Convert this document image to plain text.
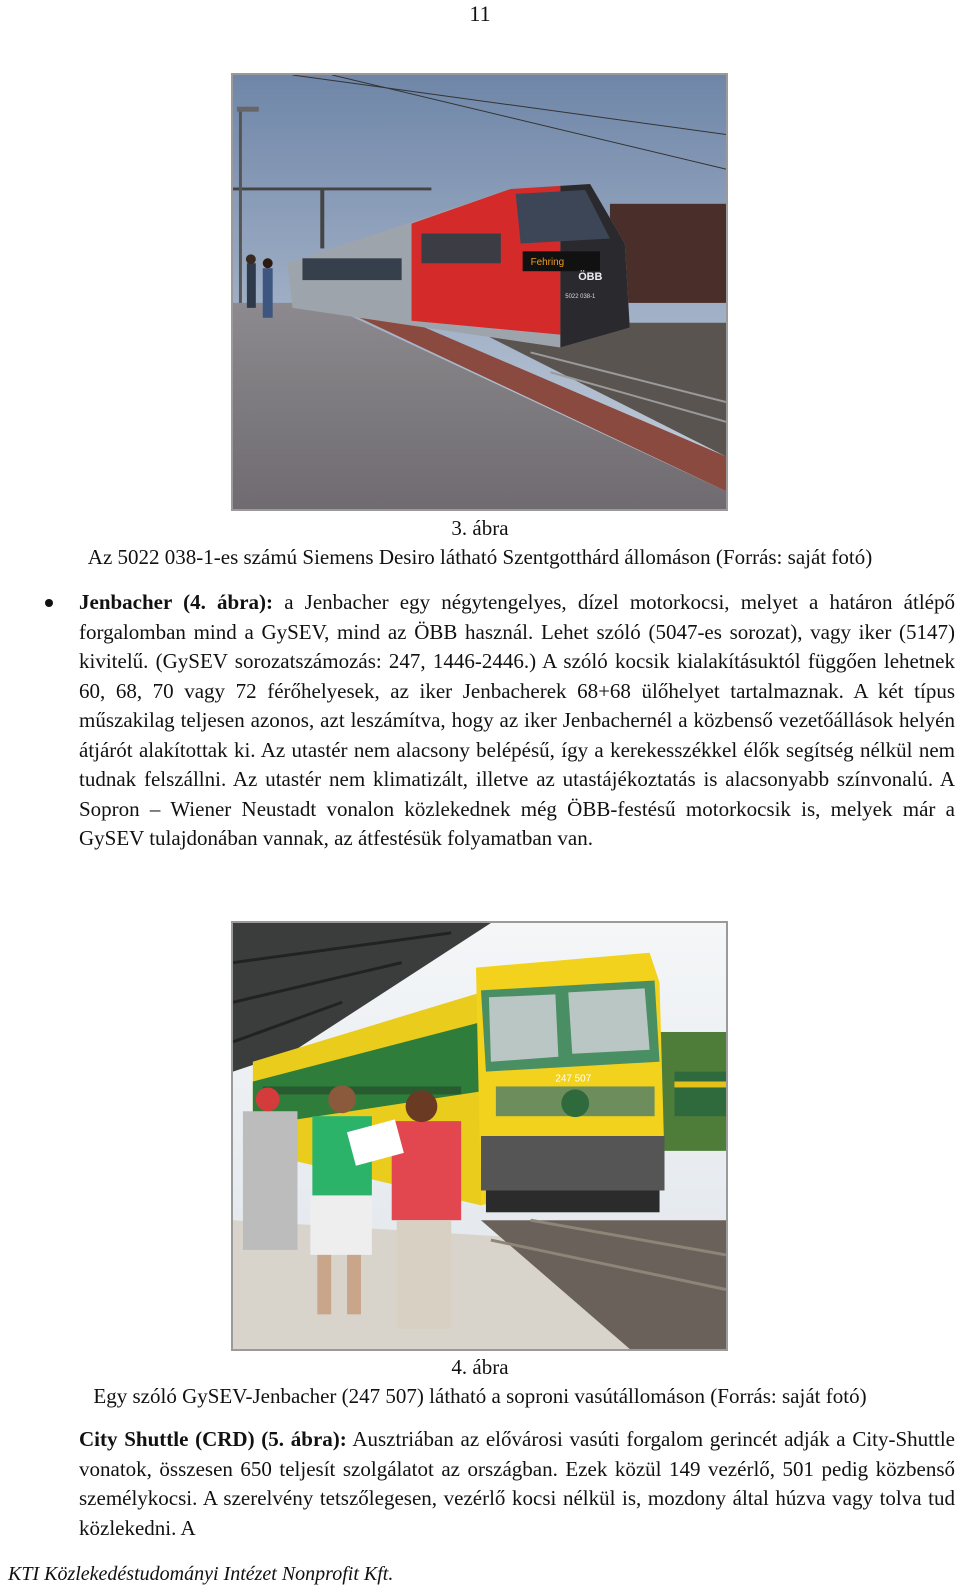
11
Fehring
ÖBB
5022 038-1
3. ábra
Az 5022 038-1-es számú Siemens Desiro látható Szentgotthárd állomáson (Forrás: saját fotó)
Jenbacher (4. ábra): a Jenbacher egy négytengelyes, dízel motorkocsi, melyet a határon átlépő forgalomban mind a GySEV, mind az ÖBB használ. Lehet szóló (5047-es sorozat), vagy iker (5147) kivitelű. (GySEV sorozatszámozás: 247, 1446-2446.) A szóló kocsik kialakításuktól függően lehetnek 60, 68, 70 vagy 72 férőhelyesek, az iker Jenbacherek 68+68 ülőhelyet tartalmaznak. A két típus műszakilag teljesen azonos, azt leszámítva, hogy az iker Jenbachernél a közbenső vezetőállások helyén átjárót alakítottak ki. Az utastér nem alacsony belépésű, így a kerekesszékkel élők segítség nélkül nem tudnak felszállni. Az utastér nem klimatizált, illetve az utastájékoztatás is alacsonyabb színvonalú. A Sopron – Wiener Neustadt vonalon közlekednek még ÖBB-festésű motorkocsik is, melyek már a GySEV tulajdonában vannak, az átfestésük folyamatban van.
247 507
4. ábra
Egy szóló GySEV-Jenbacher (247 507) látható a soproni vasútállomáson (Forrás: saját fotó)
City Shuttle (CRD) (5. ábra): Ausztriában az elővárosi vasúti forgalom gerincét adják a City-Shuttle vonatok, összesen 650 teljesít szolgálatot az országban. Ezek közül 149 vezérlő, 501 pedig közbenső személykocsi. A szerelvény tetszőlegesen, vezérlő kocsi nélkül is, mozdony által húzva vagy tolva tud közlekedni. A
KTI Közlekedéstudományi Intézet Nonprofit Kft.
